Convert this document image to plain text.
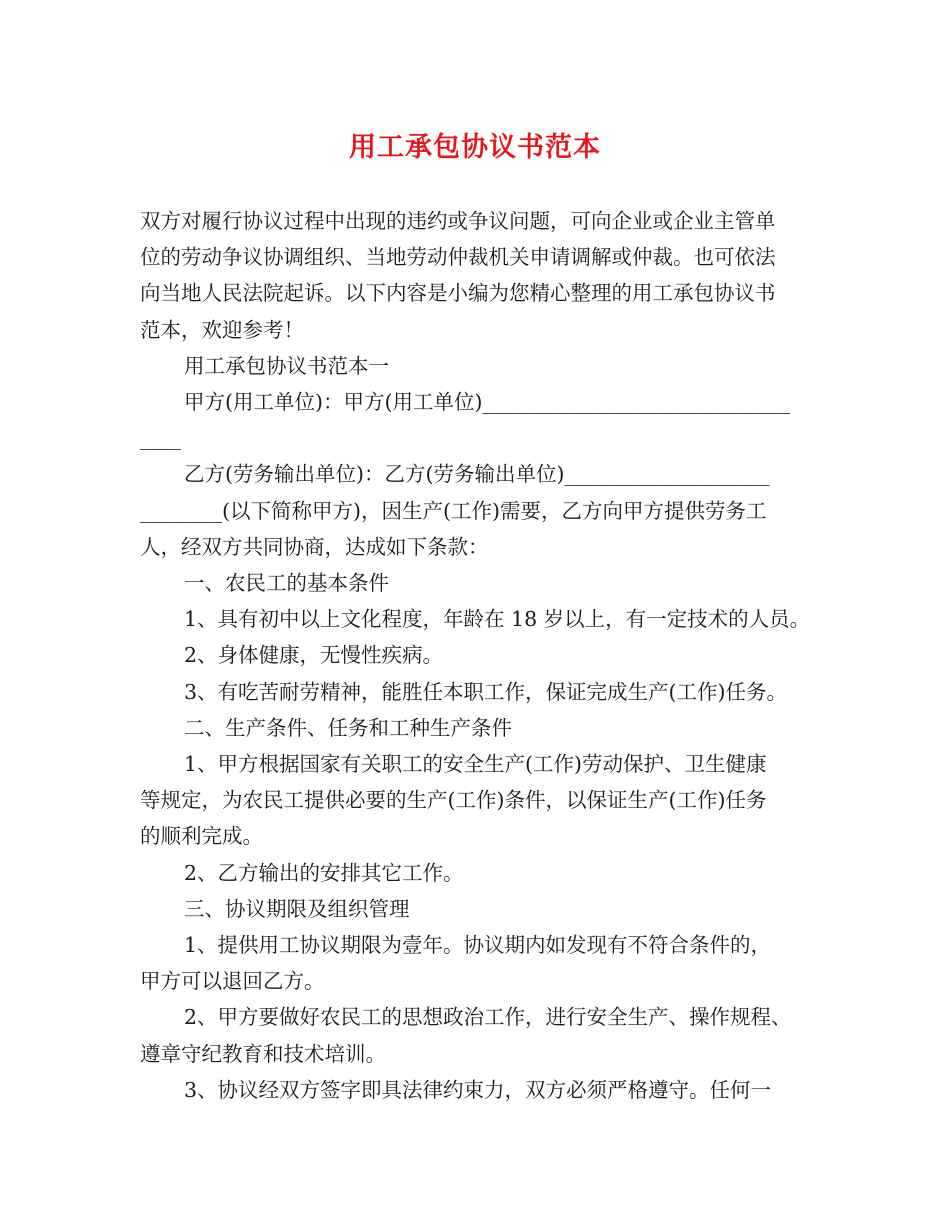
用工承包协议书范本

双方对履行协议过程中出现的违约或争议问题，可向企业或企业主管单

位的劳动争议协调组织、当地劳动仲裁机关申请调解或仲裁。也可依法

向当地人民法院起诉。以下内容是小编为您精心整理的用工承包协议书

范本，欢迎参考！

用工承包协议书范本一

甲方(用工单位)：甲方(用工单位)______________________________

____

乙方(劳务输出单位)：乙方(劳务输出单位)____________________

________(以下简称甲方)，因生产(工作)需要，乙方向甲方提供劳务工

人，经双方共同协商，达成如下条款：

一、农民工的基本条件

1、具有初中以上文化程度，年龄在 18 岁以上，有一定技术的人员。

2、身体健康，无慢性疾病。

3、有吃苦耐劳精神，能胜任本职工作，保证完成生产(工作)任务。

二、生产条件、任务和工种生产条件

1、甲方根据国家有关职工的安全生产(工作)劳动保护、卫生健康

等规定，为农民工提供必要的生产(工作)条件，以保证生产(工作)任务

的顺利完成。

2、乙方输出的安排其它工作。

三、协议期限及组织管理

1、提供用工协议期限为壹年。协议期内如发现有不符合条件的，

甲方可以退回乙方。

2、甲方要做好农民工的思想政治工作，进行安全生产、操作规程、

遵章守纪教育和技术培训。

3、协议经双方签字即具法律约束力，双方必须严格遵守。任何一
